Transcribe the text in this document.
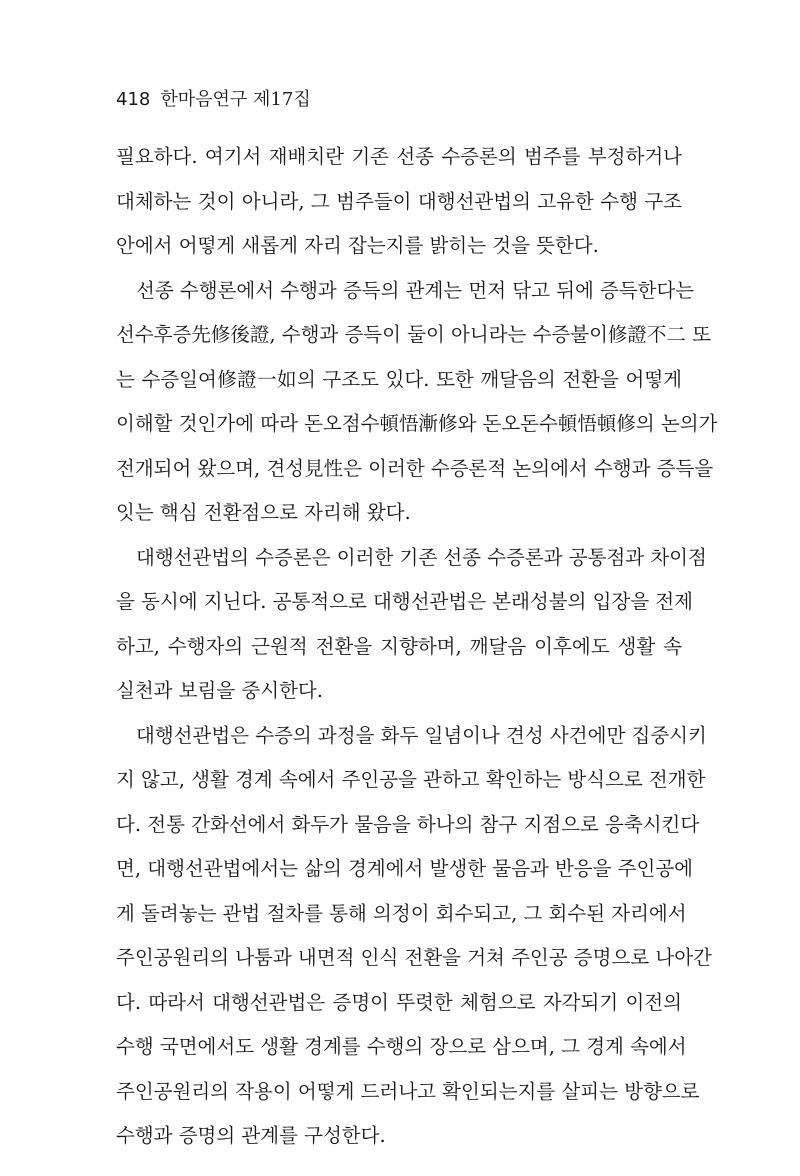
418 한마음연구 제17집
필요하다. 여기서 재배치란 기존 선종 수증론의 범주를 부정하거나
대체하는 것이 아니라, 그 범주들이 대행선관법의 고유한 수행 구조
안에서 어떻게 새롭게 자리 잡는지를 밝히는 것을 뜻한다.
선종 수행론에서 수행과 증득의 관계는 먼저 닦고 뒤에 증득한다는
선수후증先修後證, 수행과 증득이 둘이 아니라는 수증불이修證不二 또
는 수증일여修證一如의 구조도 있다. 또한 깨달음의 전환을 어떻게
이해할 것인가에 따라 돈오점수頓悟漸修와 돈오돈수頓悟頓修의 논의가
전개되어 왔으며, 견성見性은 이러한 수증론적 논의에서 수행과 증득을
잇는 핵심 전환점으로 자리해 왔다.
대행선관법의 수증론은 이러한 기존 선종 수증론과 공통점과 차이점
을 동시에 지닌다. 공통적으로 대행선관법은 본래성불의 입장을 전제
하고, 수행자의 근원적 전환을 지향하며, 깨달음 이후에도 생활 속
실천과 보림을 중시한다.
대행선관법은 수증의 과정을 화두 일념이나 견성 사건에만 집중시키
지 않고, 생활 경계 속에서 주인공을 관하고 확인하는 방식으로 전개한
다. 전통 간화선에서 화두가 물음을 하나의 참구 지점으로 응축시킨다
면, 대행선관법에서는 삶의 경계에서 발생한 물음과 반응을 주인공에
게 돌려놓는 관법 절차를 통해 의정이 회수되고, 그 회수된 자리에서
주인공원리의 나툼과 내면적 인식 전환을 거쳐 주인공 증명으로 나아간
다. 따라서 대행선관법은 증명이 뚜렷한 체험으로 자각되기 이전의
수행 국면에서도 생활 경계를 수행의 장으로 삼으며, 그 경계 속에서
주인공원리의 작용이 어떻게 드러나고 확인되는지를 살피는 방향으로
수행과 증명의 관계를 구성한다.
